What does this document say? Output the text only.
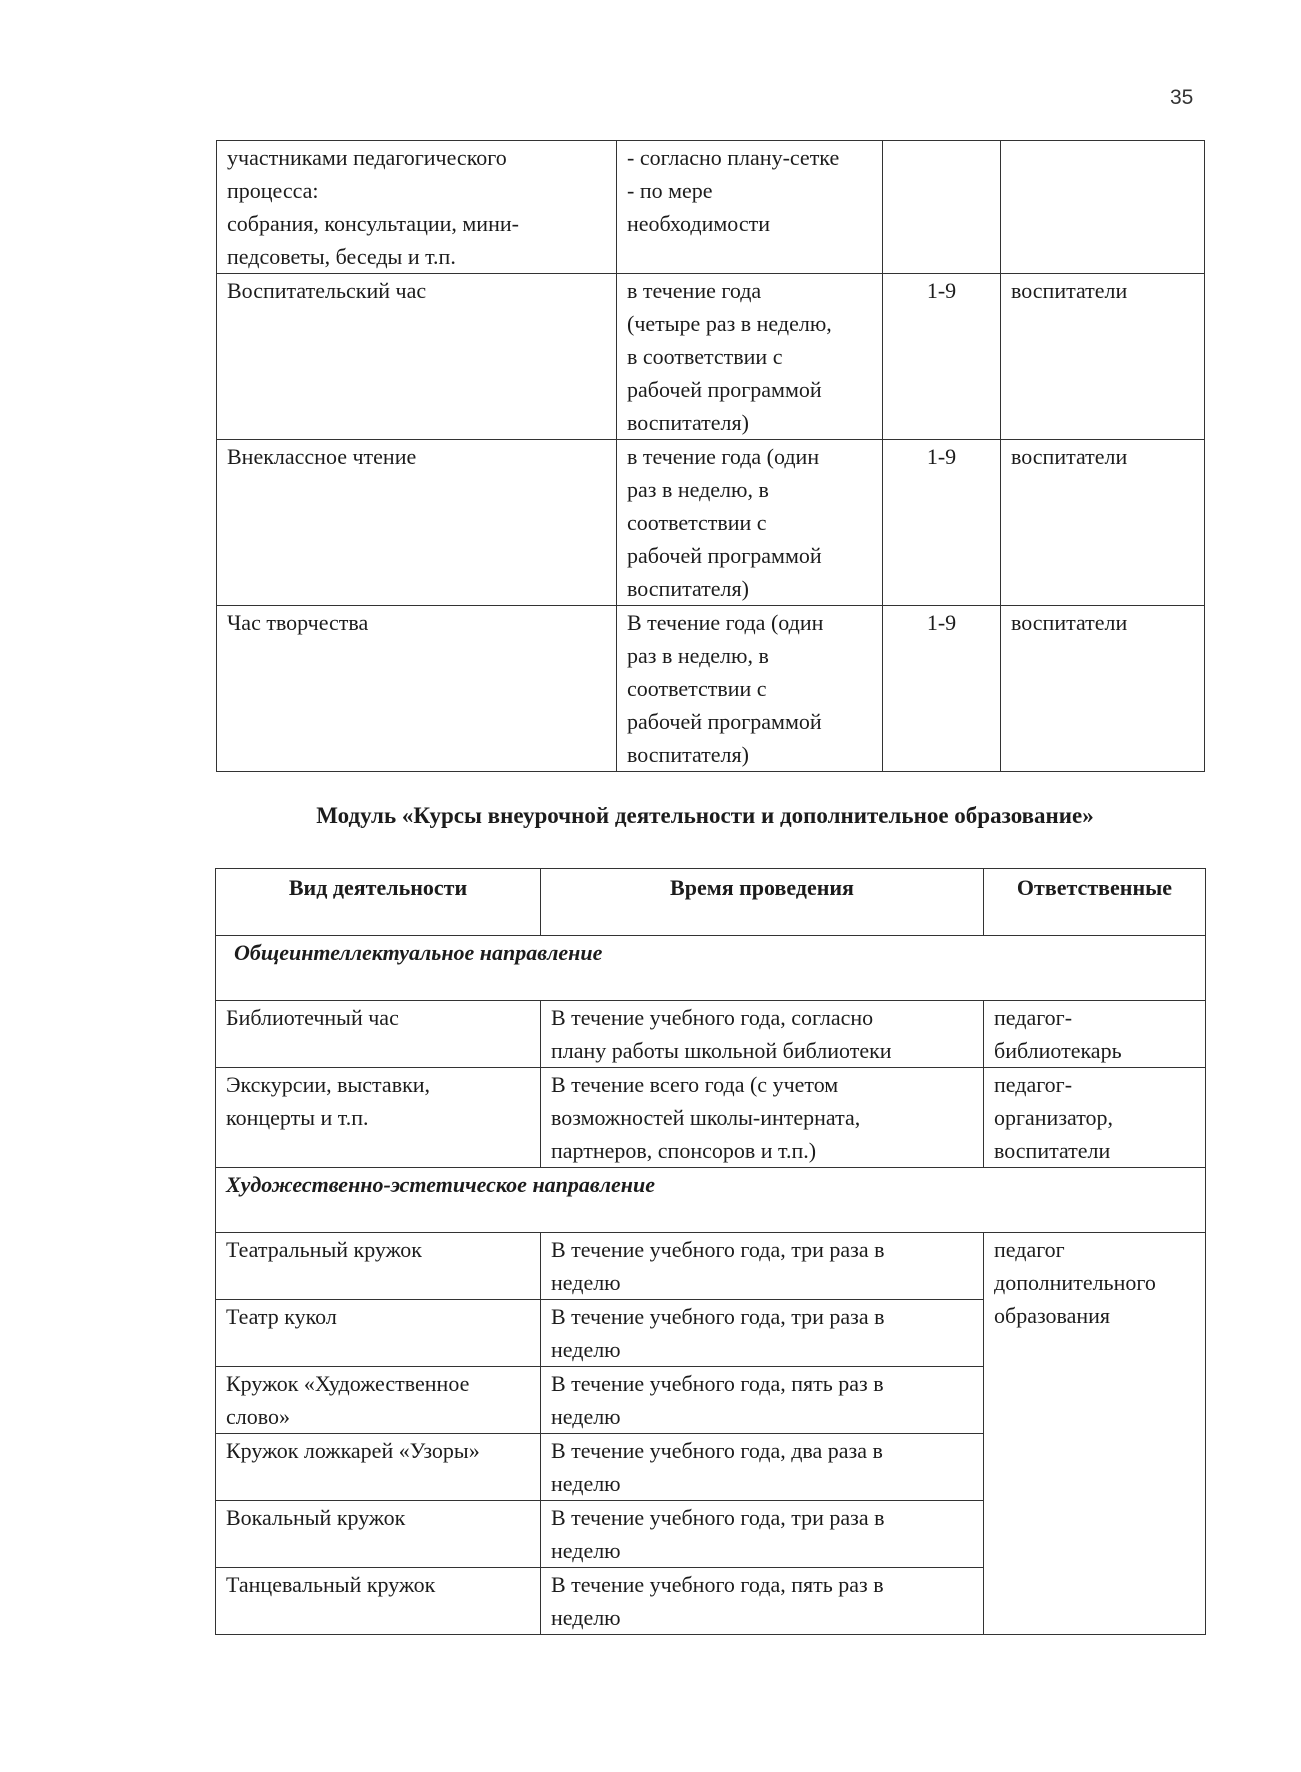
35
участниками педагогического
процесса:
собрания, консультации, мини-
педсоветы, беседы и т.п.	- согласно плану-сетке
- по мере
необходимости		
Воспитательский час	в течение года
(четыре раз в неделю,
в соответствии с
рабочей программой
воспитателя)	1-9	воспитатели
Внеклассное чтение	в течение года (один
раз в неделю, в
соответствии с
рабочей программой
воспитателя)	1-9	воспитатели
Час творчества	В течение года (один
раз в неделю, в
соответствии с
рабочей программой
воспитателя)	1-9	воспитатели
Модуль «Курсы внеурочной деятельности и дополнительное образование»
Вид деятельности	Время проведения	Ответственные
Общеинтеллектуальное направление		
Библиотечный час	В течение учебного года, согласно
плану работы школьной библиотеки	педагог-
библиотекарь
Экскурсии, выставки,
концерты и т.п.	В течение всего года (с учетом
возможностей школы-интерната,
партнеров, спонсоров и т.п.)	педагог-
организатор,
воспитатели
Художественно-эстетическое направление		
Театральный кружок	В течение учебного года, три раза в
неделю	педагог
дополнительного
образования
Театр кукол	В течение учебного года, три раза в
неделю	
Кружок «Художественное
слово»	В течение учебного года, пять раз в
неделю	
Кружок ложкарей «Узоры»	В течение учебного года, два раза в
неделю	
Вокальный кружок	В течение учебного года, три раза в
неделю	
Танцевальный кружок	В течение учебного года, пять раз в
неделю	
